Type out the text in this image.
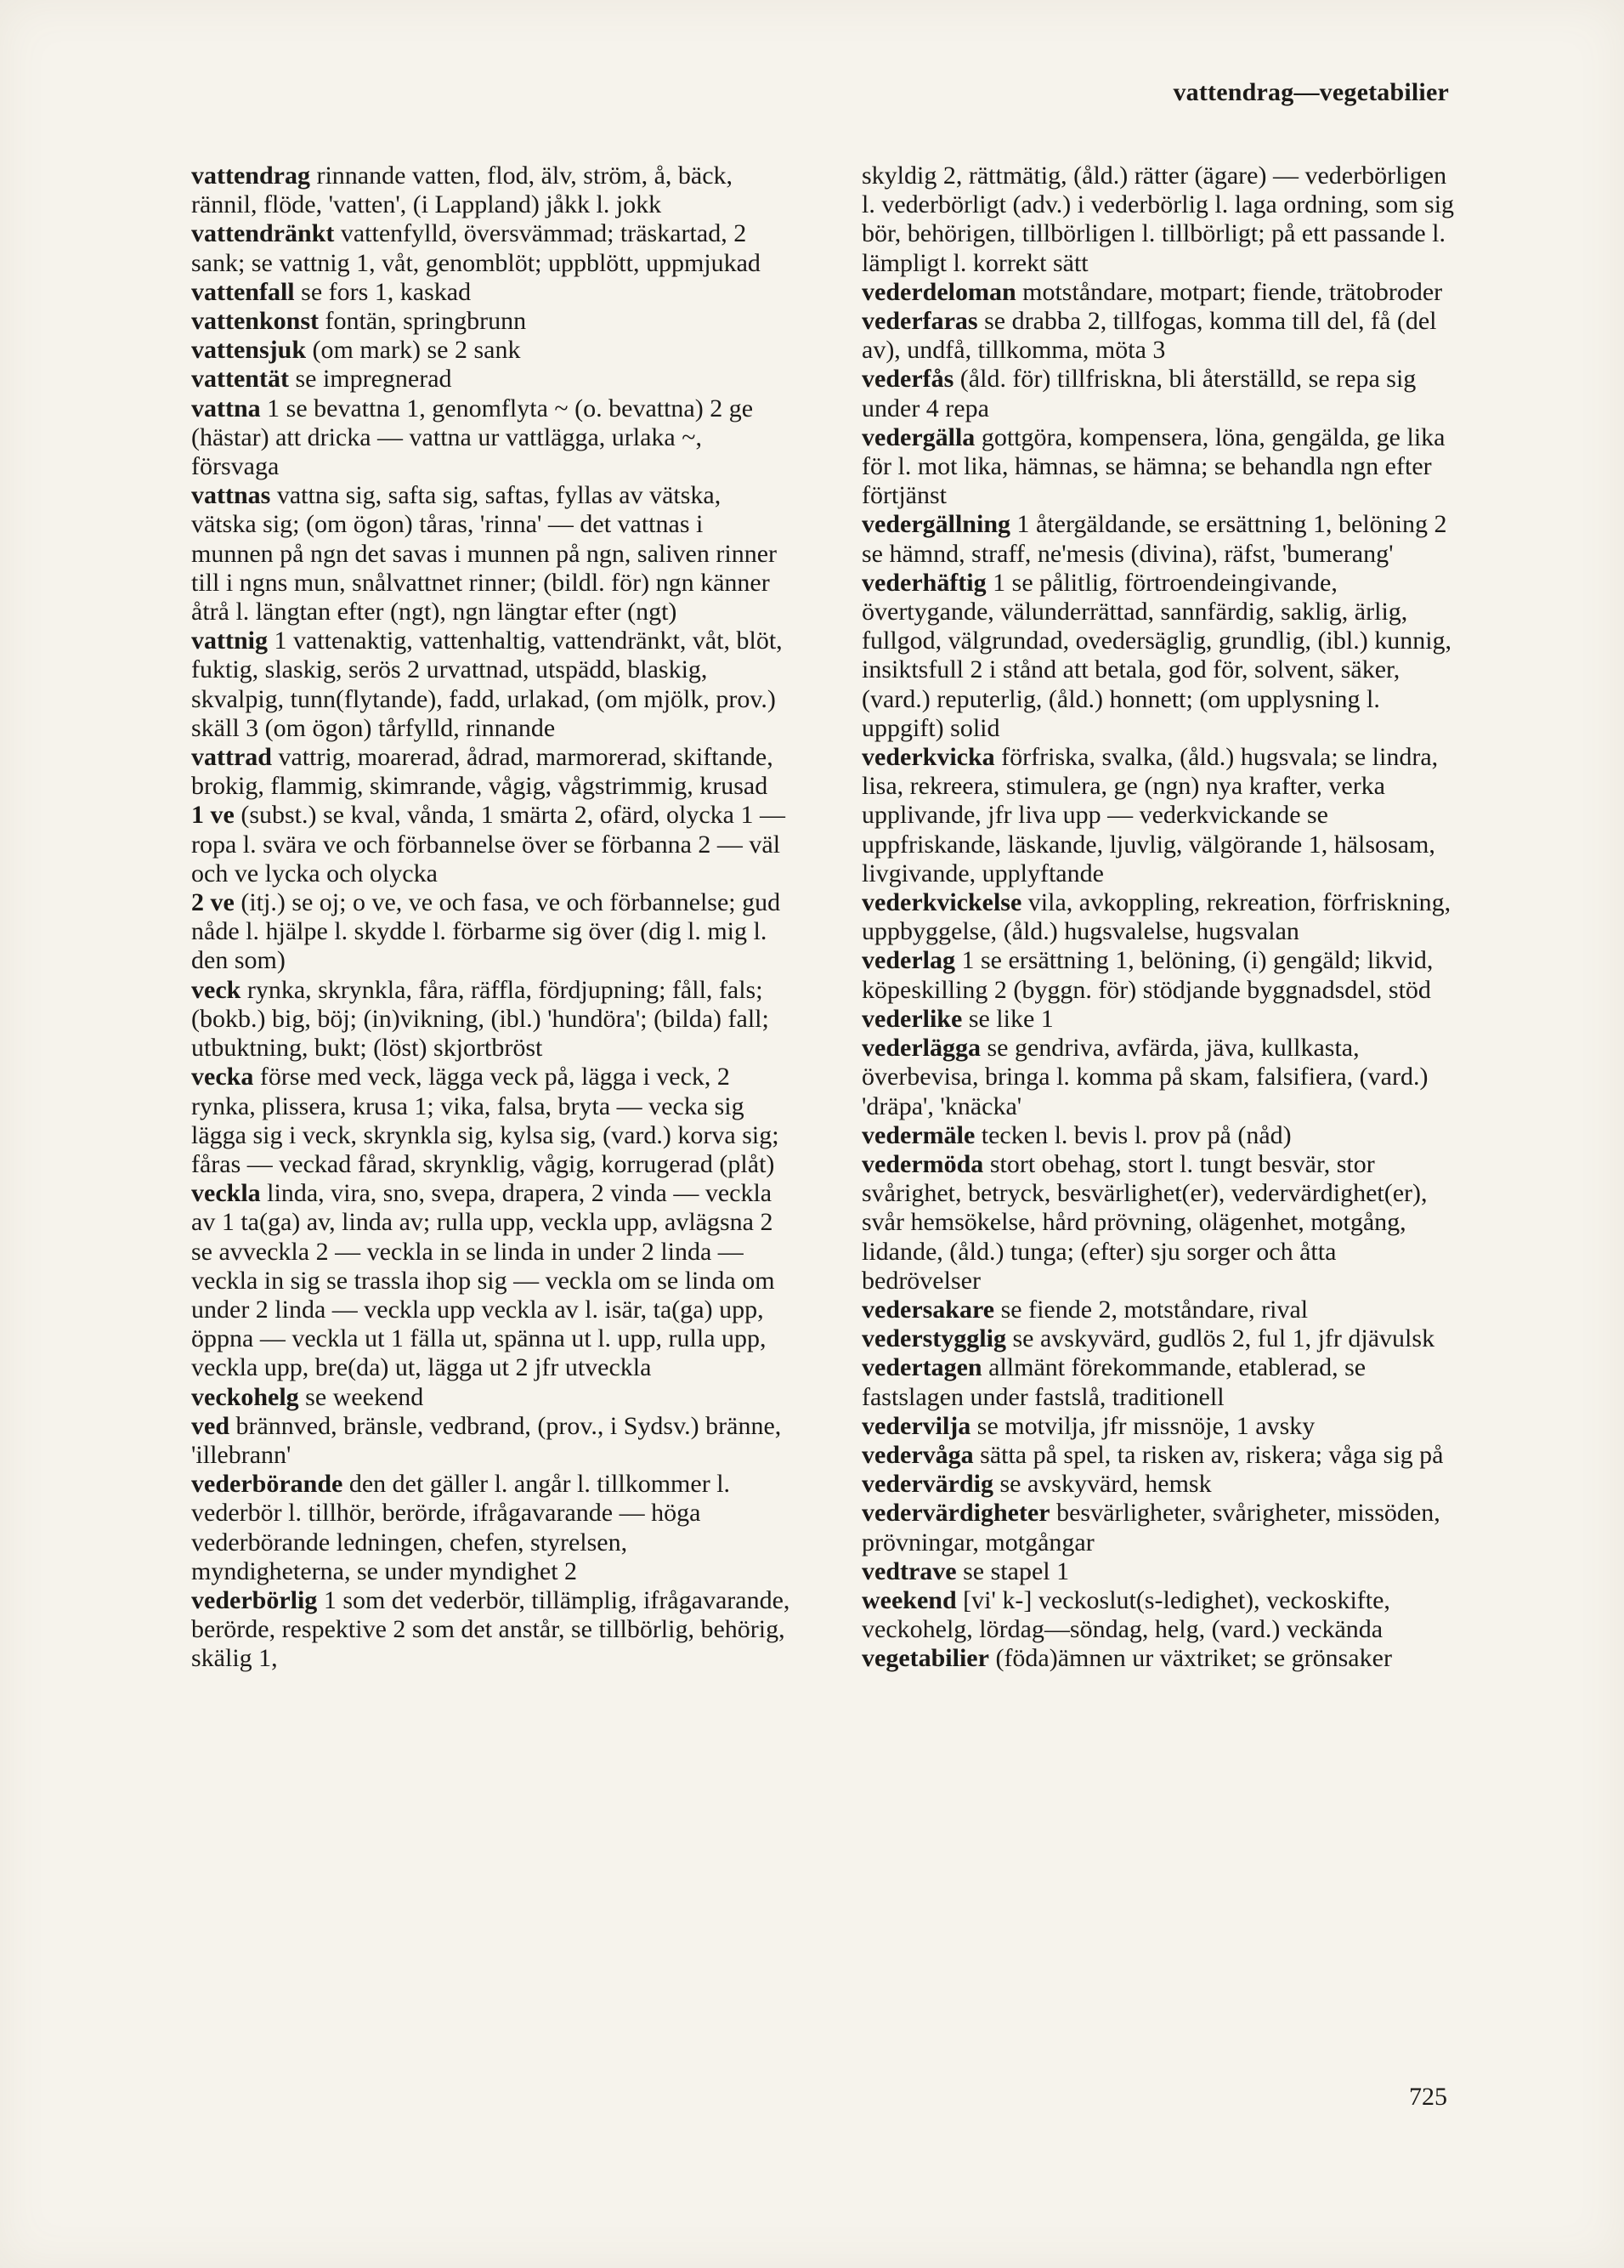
vattendrag—vegetabilier
vattendrag rinnande vatten, flod, älv, ström, å, bäck, rännil, flöde, 'vatten', (i Lappland) jåkk l. jokk
vattendränkt vattenfylld, översvämmad; träskartad, 2 sank; se vattnig 1, våt, genomblöt; uppblött, uppmjukad
vattenfall se fors 1, kaskad
vattenkonst fontän, springbrunn
vattensjuk (om mark) se 2 sank
vattentät se impregnerad
vattna 1 se bevattna 1, genomflyta ~ (o. bevattna) 2 ge (hästar) att dricka — vattna ur vattlägga, urlaka ~, försvaga
vattnas vattna sig, safta sig, saftas, fyllas av vätska, vätska sig; (om ögon) tåras, 'rinna' — det vattnas i munnen på ngn det savas i munnen på ngn, saliven rinner till i ngns mun, snålvattnet rinner; (bildl. för) ngn känner åtrå l. längtan efter (ngt), ngn längtar efter (ngt)
vattnig 1 vattenaktig, vattenhaltig, vattendränkt, våt, blöt, fuktig, slaskig, serös 2 urvattnad, utspädd, blaskig, skvalpig, tunn(flytande), fadd, urlakad, (om mjölk, prov.) skäll 3 (om ögon) tårfylld, rinnande
vattrad vattrig, moarerad, ådrad, marmorerad, skiftande, brokig, flammig, skimrande, vågig, vågstrimmig, krusad
1 ve (subst.) se kval, vånda, 1 smärta 2, ofärd, olycka 1 — ropa l. svära ve och förbannelse över se förbanna 2 — väl och ve lycka och olycka
2 ve (itj.) se oj; o ve, ve och fasa, ve och förbannelse; gud nåde l. hjälpe l. skydde l. förbarme sig över (dig l. mig l. den som)
veck rynka, skrynkla, fåra, räffla, fördjupning; fåll, fals; (bokb.) big, böj; (in)vikning, (ibl.) 'hundöra'; (bilda) fall; utbuktning, bukt; (löst) skjortbröst
vecka förse med veck, lägga veck på, lägga i veck, 2 rynka, plissera, krusa 1; vika, falsa, bryta — vecka sig lägga sig i veck, skrynkla sig, kylsa sig, (vard.) korva sig; fåras — veckad fårad, skrynklig, vågig, korrugerad (plåt)
veckla linda, vira, sno, svepa, drapera, 2 vinda — veckla av 1 ta(ga) av, linda av; rulla upp, veckla upp, avlägsna 2 se avveckla 2 — veckla in se linda in under 2 linda — veckla in sig se trassla ihop sig — veckla om se linda om under 2 linda — veckla upp veckla av l. isär, ta(ga) upp, öppna — veckla ut 1 fälla ut, spänna ut l. upp, rulla upp, veckla upp, bre(da) ut, lägga ut 2 jfr utveckla
veckohelg se weekend
ved brännved, bränsle, vedbrand, (prov., i Sydsv.) bränne, 'illebrann'
vederbörande den det gäller l. angår l. tillkommer l. vederbör l. tillhör, berörde, ifrågavarande — höga vederbörande ledningen, chefen, styrelsen, myndigheterna, se under myndighet 2
vederbörlig 1 som det vederbör, tillämplig, ifrågavarande, berörde, respektive 2 som det anstår, se tillbörlig, behörig, skälig 1,
skyldig 2, rättmätig, (åld.) rätter (ägare) — vederbörligen l. vederbörligt (adv.) i vederbörlig l. laga ordning, som sig bör, behörigen, tillbörligen l. tillbörligt; på ett passande l. lämpligt l. korrekt sätt
vederdeloman motståndare, motpart; fiende, trätobroder
vederfaras se drabba 2, tillfogas, komma till del, få (del av), undfå, tillkomma, möta 3
vederfås (åld. för) tillfriskna, bli återställd, se repa sig under 4 repa
vedergälla gottgöra, kompensera, löna, gengälda, ge lika för l. mot lika, hämnas, se hämna; se behandla ngn efter förtjänst
vedergällning 1 återgäldande, se ersättning 1, belöning 2 se hämnd, straff, ne'mesis (divina), räfst, 'bumerang'
vederhäftig 1 se pålitlig, förtroendeingivande, övertygande, välunderrättad, sannfärdig, saklig, ärlig, fullgod, välgrundad, ovedersäglig, grundlig, (ibl.) kunnig, insiktsfull 2 i stånd att betala, god för, solvent, säker, (vard.) reputerlig, (åld.) honnett; (om upplysning l. uppgift) solid
vederkvicka förfriska, svalka, (åld.) hugsvala; se lindra, lisa, rekreera, stimulera, ge (ngn) nya krafter, verka upplivande, jfr liva upp — vederkvickande se uppfriskande, läskande, ljuvlig, välgörande 1, hälsosam, livgivande, upplyftande
vederkvickelse vila, avkoppling, rekreation, förfriskning, uppbyggelse, (åld.) hugsvalelse, hugsvalan
vederlag 1 se ersättning 1, belöning, (i) gengäld; likvid, köpeskilling 2 (byggn. för) stödjande byggnadsdel, stöd
vederlike se like 1
vederlägga se gendriva, avfärda, jäva, kullkasta, överbevisa, bringa l. komma på skam, falsifiera, (vard.) 'dräpa', 'knäcka'
vedermäle tecken l. bevis l. prov på (nåd)
vedermöda stort obehag, stort l. tungt besvär, stor svårighet, betryck, besvärlighet(er), vedervärdighet(er), svår hemsökelse, hård prövning, olägenhet, motgång, lidande, (åld.) tunga; (efter) sju sorger och åtta bedrövelser
vedersakare se fiende 2, motståndare, rival
vederstygglig se avskyvärd, gudlös 2, ful 1, jfr djävulsk
vedertagen allmänt förekommande, etablerad, se fastslagen under fastslå, traditionell
vedervilja se motvilja, jfr missnöje, 1 avsky
vedervåga sätta på spel, ta risken av, riskera; våga sig på
vedervärdig se avskyvärd, hemsk
vedervärdigheter besvärligheter, svårigheter, missöden, prövningar, motgångar
vedtrave se stapel 1
weekend [vi' k-] veckoslut(s-ledighet), veckoskifte, veckohelg, lördag—söndag, helg, (vard.) veckända
vegetabilier (föda)ämnen ur växtriket; se grönsaker
725
